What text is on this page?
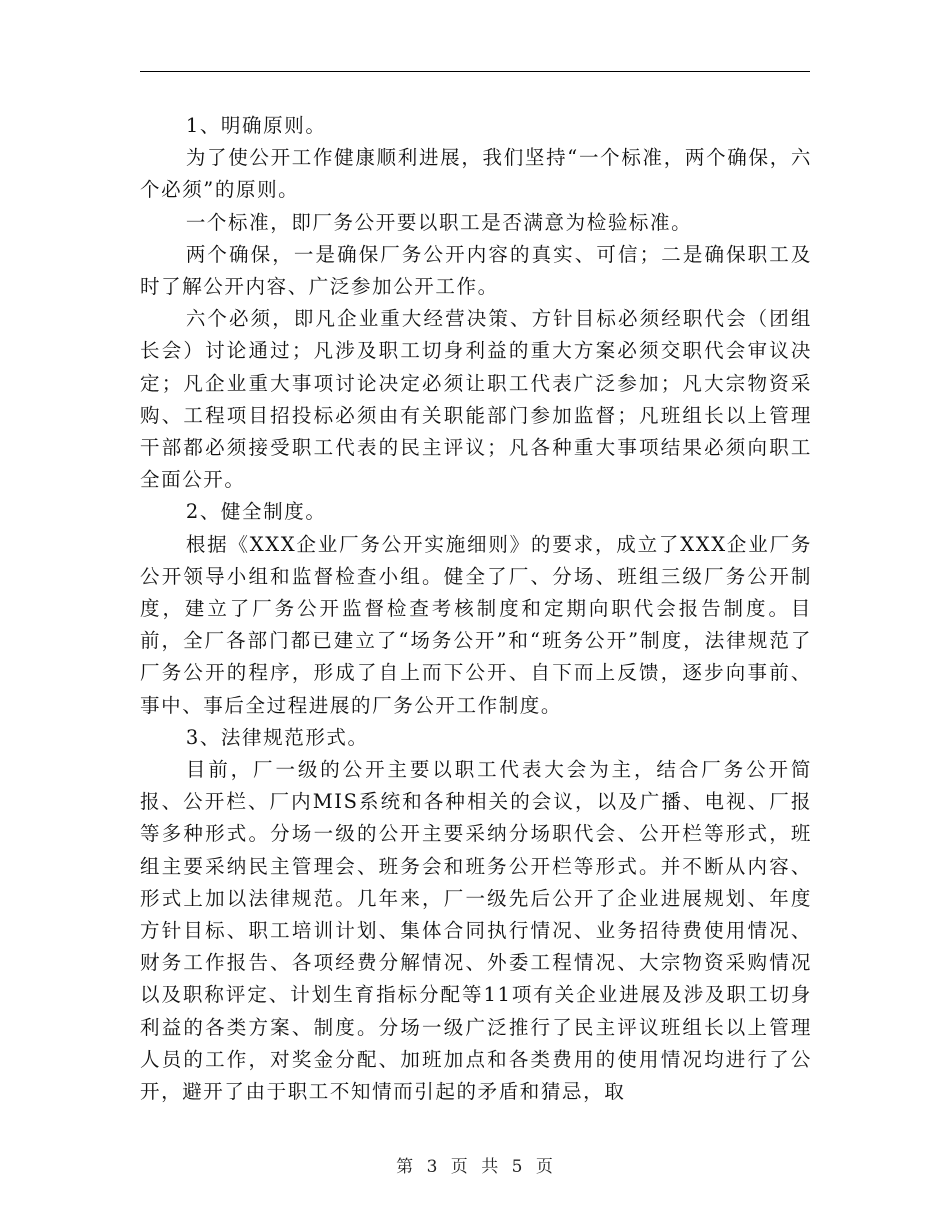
1、明确原则。

为了使公开工作健康顺利进展，我们坚持“一个标准，两个确保，六个必须”的原则。

一个标准，即厂务公开要以职工是否满意为检验标准。

两个确保，一是确保厂务公开内容的真实、可信；二是确保职工及时了解公开内容、广泛参加公开工作。

六个必须，即凡企业重大经营决策、方针目标必须经职代会（团组长会）讨论通过；凡涉及职工切身利益的重大方案必须交职代会审议决定；凡企业重大事项讨论决定必须让职工代表广泛参加；凡大宗物资采购、工程项目招投标必须由有关职能部门参加监督；凡班组长以上管理干部都必须接受职工代表的民主评议；凡各种重大事项结果必须向职工全面公开。

2、健全制度。

根据《XXX企业厂务公开实施细则》的要求，成立了XXX企业厂务公开领导小组和监督检查小组。健全了厂、分场、班组三级厂务公开制度，建立了厂务公开监督检查考核制度和定期向职代会报告制度。目前，全厂各部门都已建立了“场务公开”和“班务公开”制度，法律规范了厂务公开的程序，形成了自上而下公开、自下而上反馈，逐步向事前、事中、事后全过程进展的厂务公开工作制度。

3、法律规范形式。

目前，厂一级的公开主要以职工代表大会为主，结合厂务公开简报、公开栏、厂内MIS系统和各种相关的会议，以及广播、电视、厂报等多种形式。分场一级的公开主要采纳分场职代会、公开栏等形式，班组主要采纳民主管理会、班务会和班务公开栏等形式。并不断从内容、形式上加以法律规范。几年来，厂一级先后公开了企业进展规划、年度方针目标、职工培训计划、集体合同执行情况、业务招待费使用情况、财务工作报告、各项经费分解情况、外委工程情况、大宗物资采购情况以及职称评定、计划生育指标分配等11项有关企业进展及涉及职工切身利益的各类方案、制度。分场一级广泛推行了民主评议班组长以上管理人员的工作，对奖金分配、加班加点和各类费用的使用情况均进行了公开，避开了由于职工不知情而引起的矛盾和猜忌，取

第 3 页 共 5 页
